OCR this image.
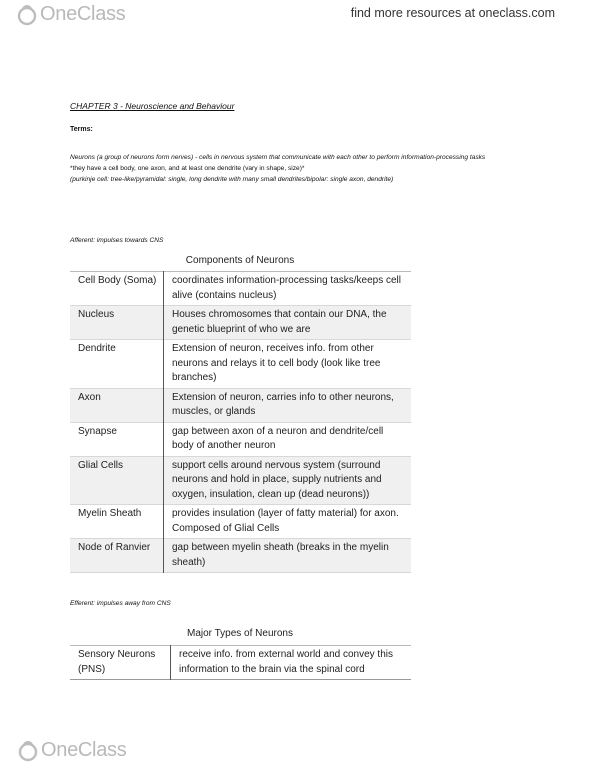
OneClass	find more resources at oneclass.com
CHAPTER 3 - Neuroscience and Behaviour
Terms:
Neurons (a group of neurons form nerves) - cells in nervous system that communicate with each other to perform information-processing tasks
*they have a cell body, one axon, and at least one dendrite (vary in shape, size)*
(purkinje cell: tree-like/pyramidal: single, long dendrite with many small dendrites/bipolar: single axon, dendrite)
Afferent: impulses towards CNS
Components of Neurons
Cell Body (Soma)	coordinates information-processing tasks/keeps cell alive (contains nucleus)
Nucleus	Houses chromosomes that contain our DNA, the genetic blueprint of who we are
Dendrite	Extension of neuron, receives info. from other neurons and relays it to cell body (look like tree branches)
Axon	Extension of neuron, carries info to other neurons, muscles, or glands
Synapse	gap between axon of a neuron and dendrite/cell body of another neuron
Glial Cells	support cells around nervous system (surround neurons and hold in place, supply nutrients and oxygen, insulation, clean up (dead neurons))
Myelin Sheath	provides insulation (layer of fatty material) for axon. Composed of Glial Cells
Node of Ranvier	gap between myelin sheath (breaks in the myelin sheath)
Efferent: impulses away from CNS
Major Types of Neurons
Sensory Neurons (PNS)	receive info. from external world and convey this information to the brain via the spinal cord
OneClass
